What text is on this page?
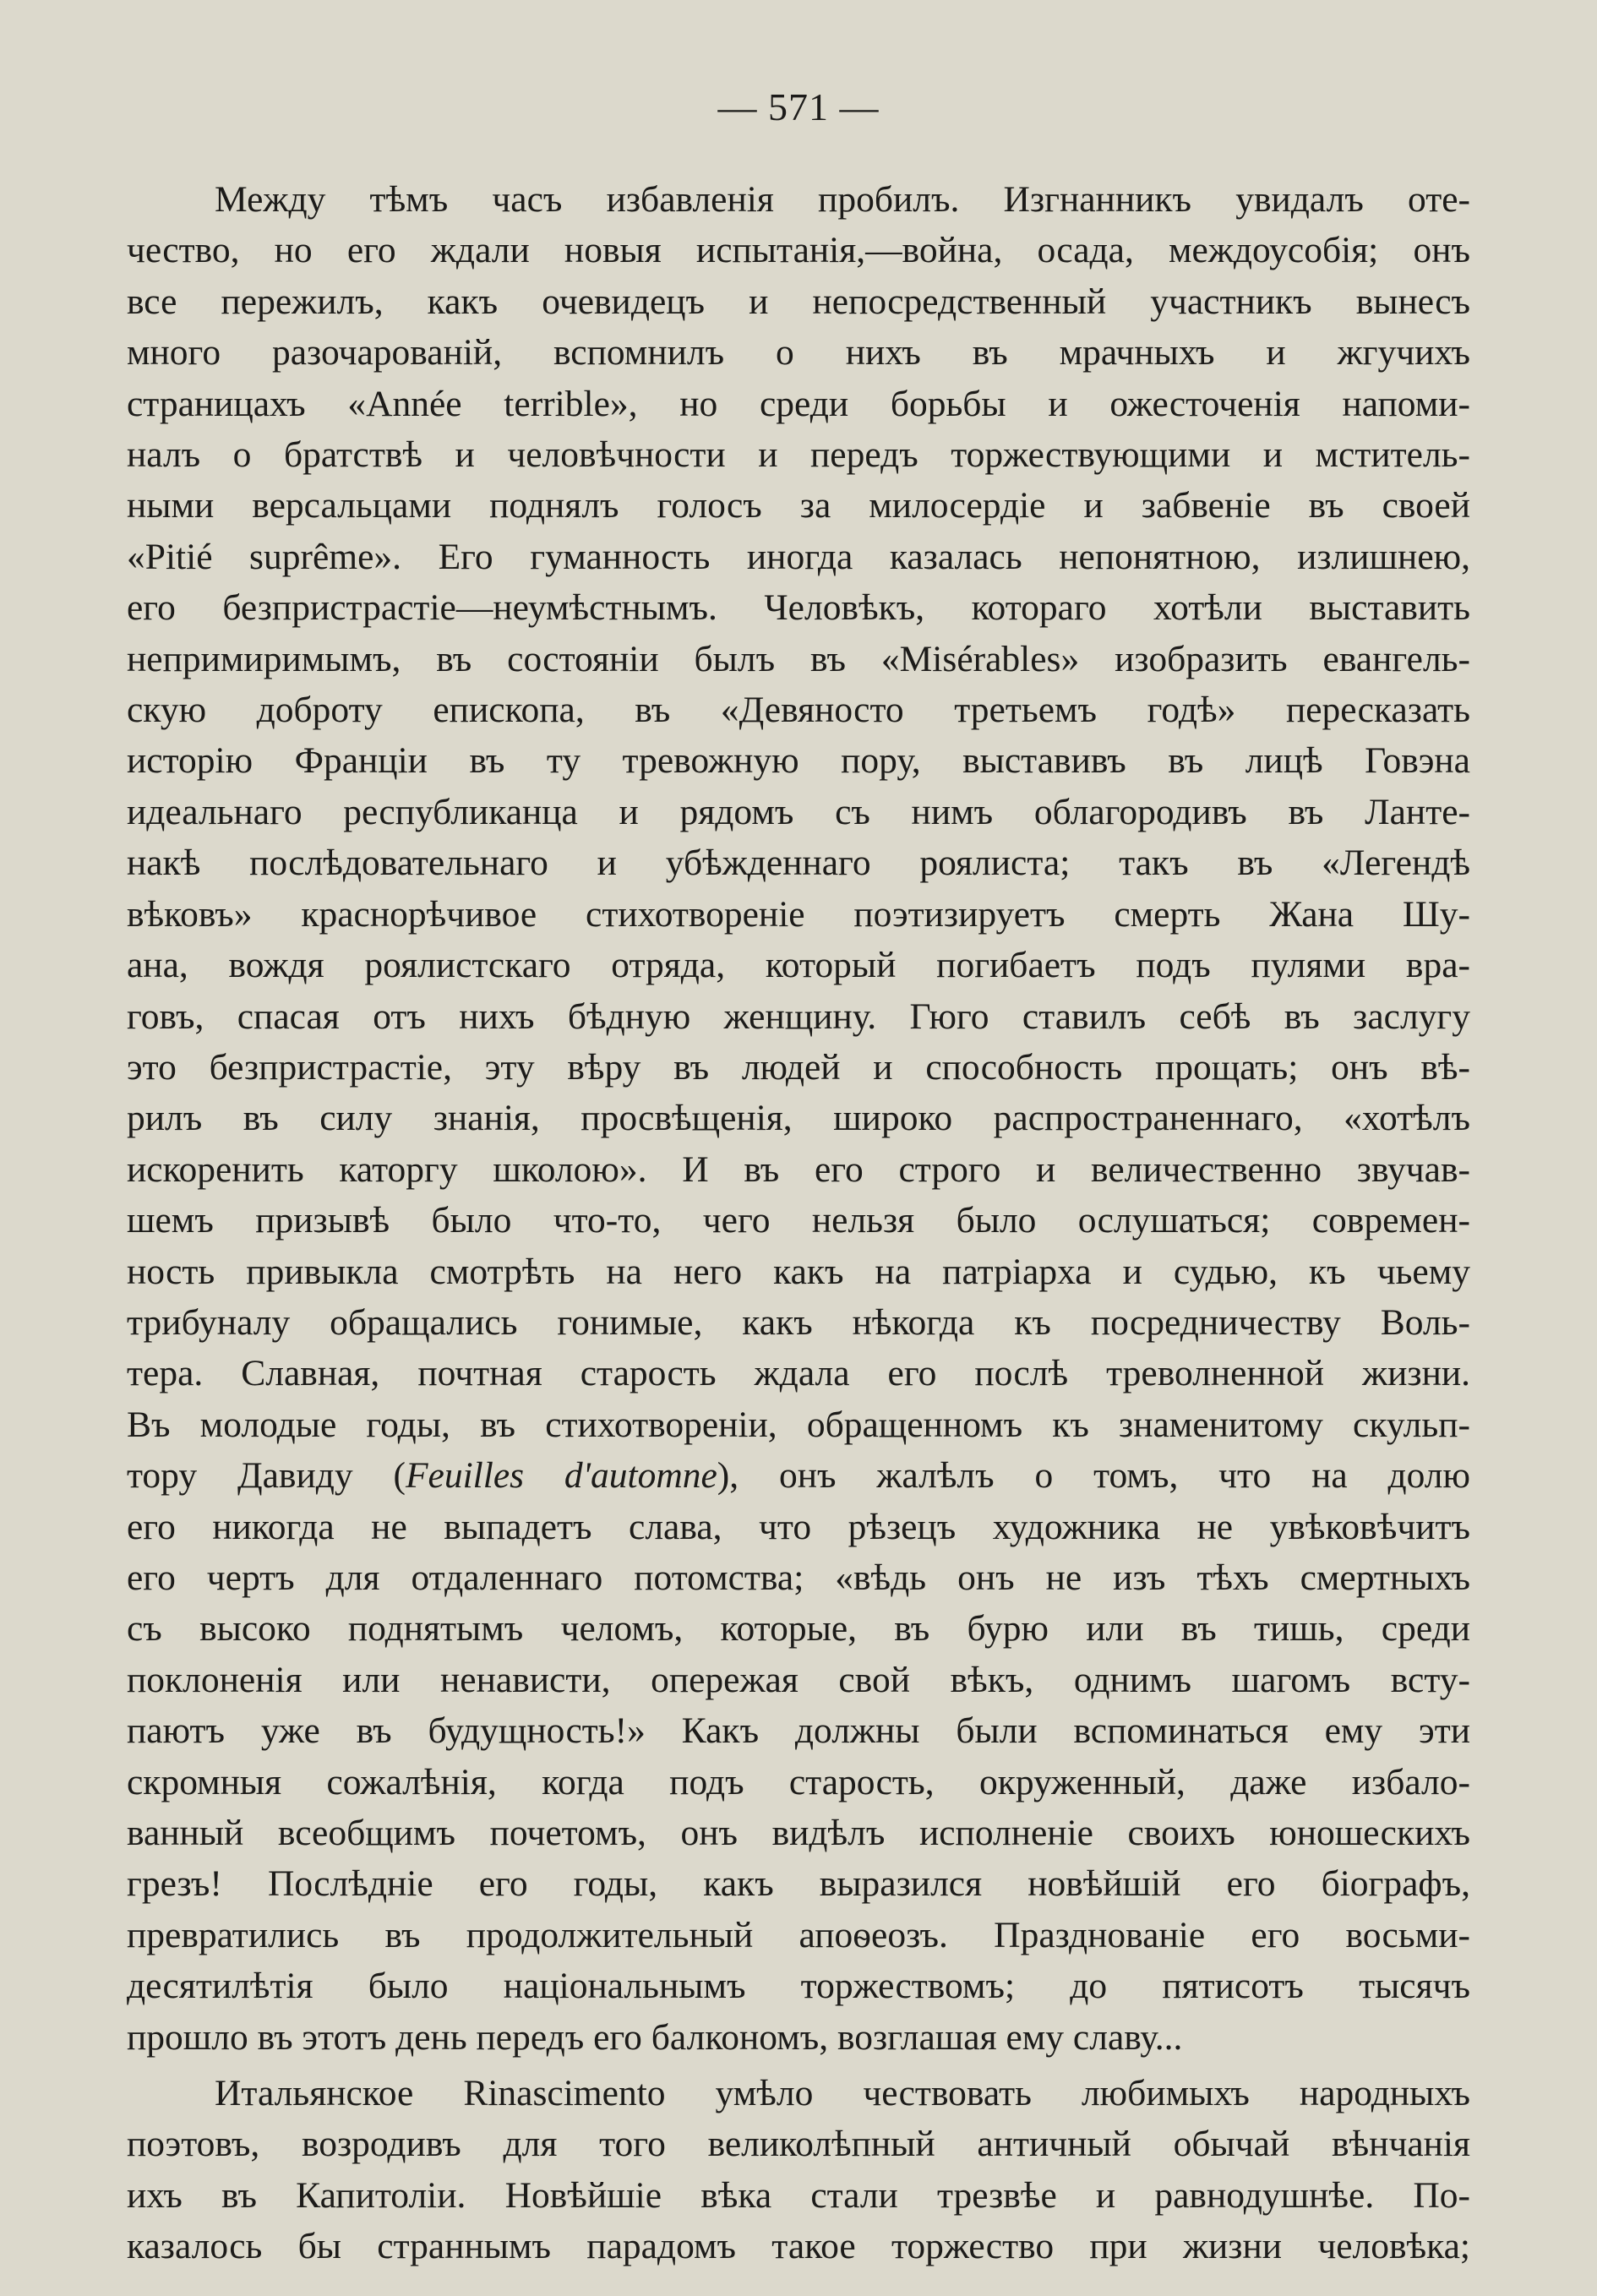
— 571 —
Между тѣмъ часъ избавленія пробилъ. Изгнанникъ увидалъ оте-
чество, но его ждали новыя испытанія,—война, осада, междоусобія; онъ
все пережилъ, какъ очевидецъ и непосредственный участникъ вынесъ
много разочарованій, вспомнилъ о нихъ въ мрачныхъ и жгучихъ
страницахъ «Année terrible», но среди борьбы и ожесточенія напоми-
налъ о братствѣ и человѣчности и передъ торжествующими и мститель-
ными версальцами поднялъ голосъ за милосердіе и забвеніе въ своей
«Pitié suprême». Его гуманность иногда казалась непонятною, излишнею,
его безпристрастіе—неумѣстнымъ. Человѣкъ, котораго хотѣли выставить
непримиримымъ, въ состояніи былъ въ «Misérables» изобразить евангель-
скую доброту епископа, въ «Девяносто третьемъ годѣ» пересказать
исторію Франціи въ ту тревожную пору, выставивъ въ лицѣ Говэна
идеальнаго республиканца и рядомъ съ нимъ облагородивъ въ Ланте-
накѣ послѣдовательнаго и убѣжденнаго роялиста; такъ въ «Легендѣ
вѣковъ» краснорѣчивое стихотвореніе поэтизируетъ смерть Жана Шу-
ана, вождя роялистскаго отряда, который погибаетъ подъ пулями вра-
говъ, спасая отъ нихъ бѣдную женщину. Гюго ставилъ себѣ въ заслугу
это безпристрастіе, эту вѣру въ людей и способность прощать; онъ вѣ-
рилъ въ силу знанія, просвѣщенія, широко распространеннаго, «хотѣлъ
искоренить каторгу школою». И въ его строго и величественно звучав-
шемъ призывѣ было что-то, чего нельзя было ослушаться; современ-
ность привыкла смотрѣть на него какъ на патріарха и судью, къ чьему
трибуналу обращались гонимые, какъ нѣкогда къ посредничеству Воль-
тера. Славная, почтная старость ждала его послѣ треволненной жизни.
Въ молодые годы, въ стихотвореніи, обращенномъ къ знаменитому скульп-
тору Давиду (Feuilles d'automne), онъ жалѣлъ о томъ, что на долю
его никогда не выпадетъ слава, что рѣзецъ художника не увѣковѣчитъ
его чертъ для отдаленнаго потомства; «вѣдь онъ не изъ тѣхъ смертныхъ
съ высоко поднятымъ челомъ, которые, въ бурю или въ тишь, среди
поклоненія или ненависти, опережая свой вѣкъ, однимъ шагомъ всту-
паютъ уже въ будущность!» Какъ должны были вспоминаться ему эти
скромныя сожалѣнія, когда подъ старость, окруженный, даже избало-
ванный всеобщимъ почетомъ, онъ видѣлъ исполненіе своихъ юношескихъ
грезъ! Послѣдніе его годы, какъ выразился новѣйшій его біографъ,
превратились въ продолжительный апоѳеозъ. Празднованіе его восьми-
десятилѣтія было національнымъ торжествомъ; до пятисотъ тысячъ
прошло въ этотъ день передъ его балкономъ, возглашая ему славу...
Итальянское Rinascimento умѣло чествовать любимыхъ народныхъ
поэтовъ, возродивъ для того великолѣпный античный обычай вѣнчанія
ихъ въ Капитоліи. Новѣйшіе вѣка стали трезвѣе и равнодушнѣе. По-
казалось бы страннымъ парадомъ такое торжество при жизни человѣка;
